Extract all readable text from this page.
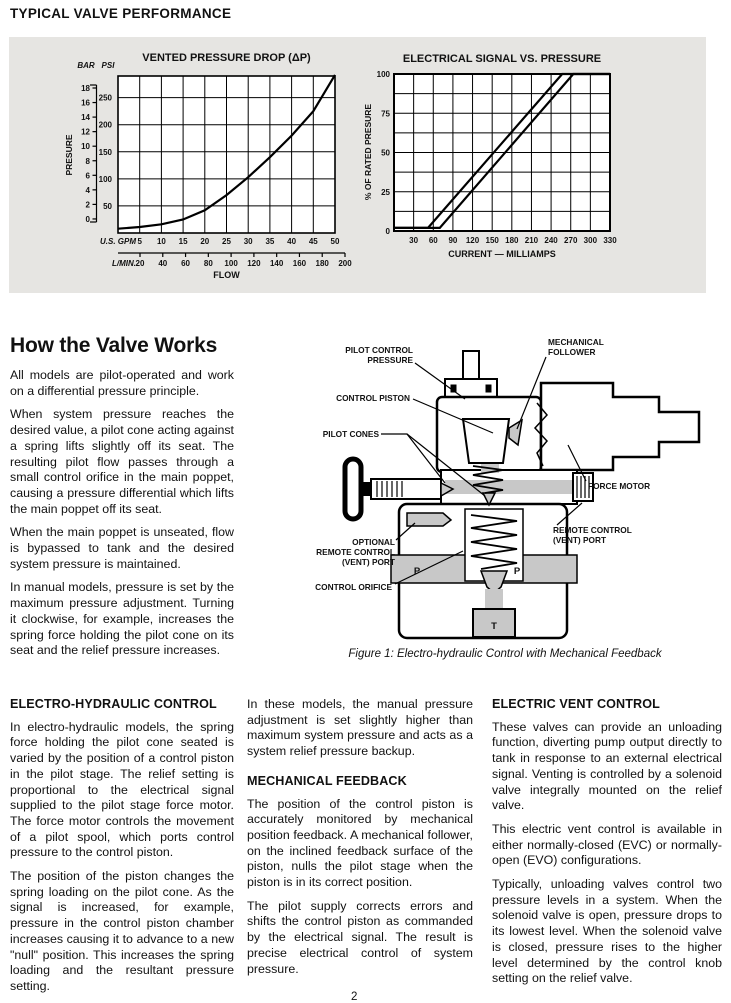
TYPICAL VALVE PERFORMANCE
VENTED PRESSURE DROP (ΔP)
BAR PSI
PRESURE
250
200
150
100
50
18
16
14
12
10
8
6
4
2
0
U.S. GPM 5 10 15 20 25 30 35 40 45 50
L/MIN. 20 40 60 80 100 120 140 160 180 200
FLOW
ELECTRICAL SIGNAL VS. PRESSURE
% OF RATED PRESURE
100
75
50
25
0
30 60 90 120 150 180 210 240 270 300 330
CURRENT — MILLIAMPS
How the Valve Works

All models are pilot-operated and work on a differential pressure principle.

When system pressure reaches the desired value, a pilot cone acting against a spring lifts slightly off its seat. The resulting pilot flow passes through a small control orifice in the main poppet, causing a pressure differential which lifts the main poppet off its seat.

When the main poppet is unseated, flow is bypassed to tank and the desired system pressure is maintained.

In manual models, pressure is set by the maximum pressure adjustment. Turning it clockwise, for example, increases the spring force holding the pilot cone on its seat and the relief pressure increases.

MECHANICAL
FOLLOWER
PILOT CONTROL
PRESSURE
CONTROL PISTON
PILOT CONES
FORCE MOTOR
REMOTE CONTROL
(VENT) PORT
OPTIONAL
REMOTE CONTROL
(VENT) PORT
CONTROL ORIFICE
P	P
T
Figure 1: Electro-hydraulic Control with Mechanical Feedback
ELECTRO-HYDRAULIC CONTROL

In electro-hydraulic models, the spring force holding the pilot cone seated is varied by the position of a control piston in the pilot stage. The relief setting is proportional to the electrical signal supplied to the pilot stage force motor. The force motor controls the movement of a pilot spool, which ports control pressure to the control piston.

The position of the piston changes the spring loading on the pilot cone. As the signal is increased, for example, pressure in the control piston chamber increases causing it to advance to a new "null" position. This increases the spring loading and the resultant pressure setting.

In these models, the manual pressure adjustment is set slightly higher than maximum system pressure and acts as a system relief pressure backup.

MECHANICAL FEEDBACK

The position of the control piston is accurately monitored by mechanical position feedback. A mechanical follower, on the inclined feedback surface of the piston, nulls the pilot stage when the piston is in its correct position.

The pilot supply corrects errors and shifts the control piston as commanded by the electrical signal. The result is precise electrical control of system pressure.

ELECTRIC VENT CONTROL

These valves can provide an unloading function, diverting pump output directly to tank in response to an external electrical signal. Venting is controlled by a solenoid valve integrally mounted on the relief valve.

This electric vent control is available in either normally-closed (EVC) or normally-open (EVO) configurations.

Typically, unloading valves control two pressure levels in a system. When the solenoid valve is open, pressure drops to its lowest level. When the solenoid valve is closed, pressure rises to the higher level determined by the control knob setting on the relief valve.

2
